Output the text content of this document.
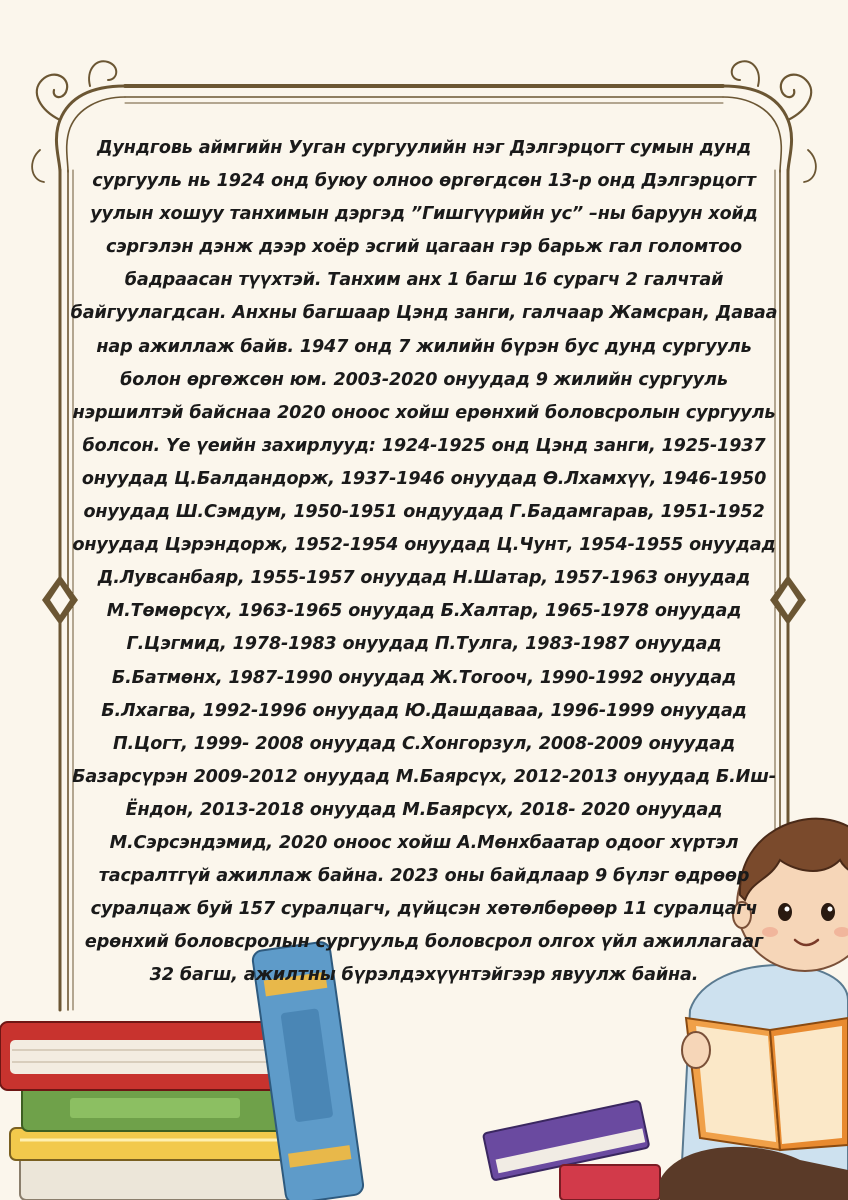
Дундговь аймгийн Ууган сургуулийн нэг Дэлгэрцогт сумын дунд сургууль нь 1924 онд буюу олноо өргөгдсөн 13-р онд Дэлгэрцогт уулын хошуу танхимын дэргэд ”Гишгүүрийн ус” –ны баруун хойд сэргэлэн дэнж дээр хоёр эсгий цагаан гэр барьж гал голомтоо бадраасан түүхтэй. Танхим анх 1 багш 16 сурагч 2 галчтай байгуулагдсан. Анхны багшаар Цэнд занги, галчаар Жамсран, Даваа нар ажиллаж байв. 1947 онд 7 жилийн бүрэн бус дунд сургууль болон өргөжсөн юм. 2003-2020 онуудад 9 жилийн сургууль нэршилтэй байснаа 2020 оноос хойш ерөнхий боловсролын сургууль болсон. Үе үеийн захирлууд: 1924-1925 онд Цэнд занги, 1925-1937 онуудад Ц.Балдандорж, 1937-1946 онуудад Ө.Лхамхүү, 1946-1950 онуудад Ш.Сэмдум, 1950-1951 ондуудад Г.Бадамгарав, 1951-1952 онуудад Цэрэндорж, 1952-1954 онуудад Ц.Чунт, 1954-1955 онуудад Д.Лувсанбаяр, 1955-1957 онуудад Н.Шатар, 1957-1963 онуудад М.Төмөрсүх, 1963-1965 онуудад Б.Халтар, 1965-1978 онуудад Г.Цэгмид, 1978-1983 онуудад П.Тулга, 1983-1987 онуудад Б.Батмөнх, 1987-1990 онуудад Ж.Тогооч, 1990-1992 онуудад Б.Лхагва, 1992-1996 онуудад Ю.Дашдаваа, 1996-1999 онуудад П.Цогт, 1999- 2008 онуудад С.Хонгорзул, 2008-2009 онуудад Базарсүрэн 2009-2012 онуудад М.Баярсүх, 2012-2013 онуудад Б.Иш- Ёндон, 2013-2018 онуудад М.Баярсүх, 2018- 2020 онуудад М.Сэрсэндэмид, 2020 оноос хойш А.Мөнхбаатар одоог хүртэл тасралтгүй ажиллаж байна. 2023 оны байдлаар 9 бүлэг өдрөөр суралцаж буй 157 суралцагч, дүйцсэн хөтөлбөрөөр 11 суралцагч ерөнхий боловсролын сургуульд боловсрол олгох үйл ажиллагааг 32 багш, ажилтны бүрэлдэхүүнтэйгээр явуулж байна.
